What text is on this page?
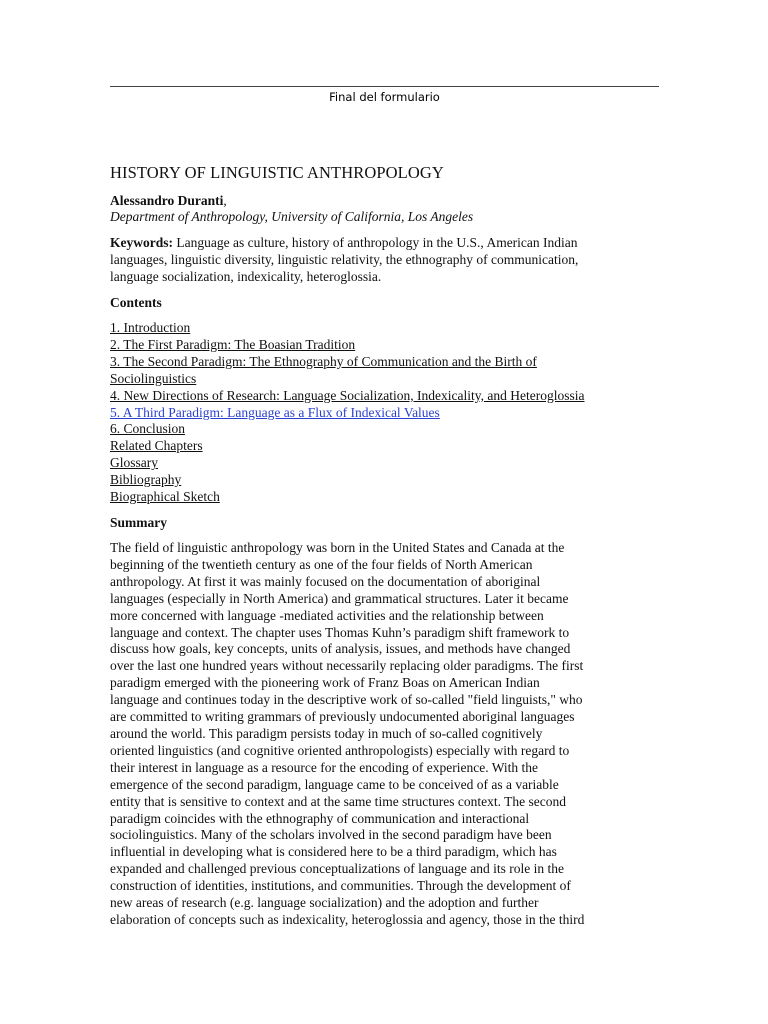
Final del formulario
HISTORY OF LINGUISTIC ANTHROPOLOGY
Alessandro Duranti,
Department of Anthropology, University of California, Los Angeles
Keywords: Language as culture, history of anthropology in the U.S., American Indian
languages, linguistic diversity, linguistic relativity, the ethnography of communication,
language socialization, indexicality, heteroglossia.
Contents
1. Introduction
2. The First Paradigm: The Boasian Tradition
3. The Second Paradigm: The Ethnography of Communication and the Birth of
Sociolinguistics
4. New Directions of Research: Language Socialization, Indexicality, and Heteroglossia
5. A Third Paradigm: Language as a Flux of Indexical Values
6. Conclusion
Related Chapters
Glossary
Bibliography
Biographical Sketch
Summary
The field of linguistic anthropology was born in the United States and Canada at the
beginning of the twentieth century as one of the four fields of North American
anthropology. At first it was mainly focused on the documentation of aboriginal
languages (especially in North America) and grammatical structures. Later it became
more concerned with language -mediated activities and the relationship between
language and context. The chapter uses Thomas Kuhn’s paradigm shift framework to
discuss how goals, key concepts, units of analysis, issues, and methods have changed
over the last one hundred years without necessarily replacing older paradigms. The first
paradigm emerged with the pioneering work of Franz Boas on American Indian
language and continues today in the descriptive work of so-called "field linguists," who
are committed to writing grammars of previously undocumented aboriginal languages
around the world. This paradigm persists today in much of so-called cognitively
oriented linguistics (and cognitive oriented anthropologists) especially with regard to
their interest in language as a resource for the encoding of experience. With the
emergence of the second paradigm, language came to be conceived of as a variable
entity that is sensitive to context and at the same time structures context. The second
paradigm coincides with the ethnography of communication and interactional
sociolinguistics. Many of the scholars involved in the second paradigm have been
influential in developing what is considered here to be a third paradigm, which has
expanded and challenged previous conceptualizations of language and its role in the
construction of identities, institutions, and communities. Through the development of
new areas of research (e.g. language socialization) and the adoption and further
elaboration of concepts such as indexicality, heteroglossia and agency, those in the third
